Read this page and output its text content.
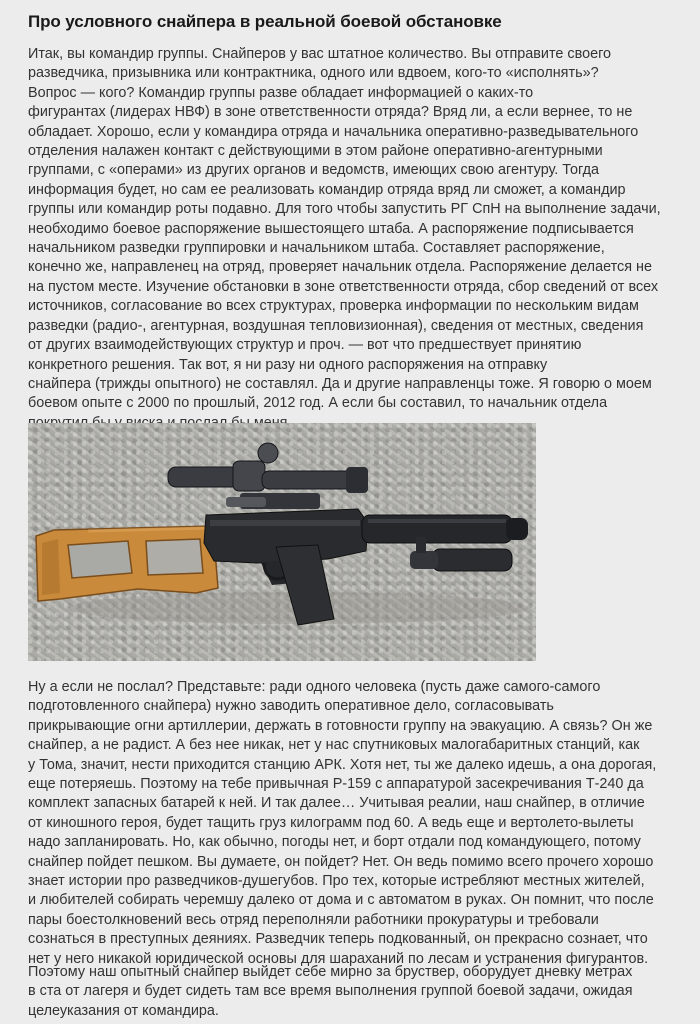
Про условного снайпера в реальной боевой обстановке

Итак, вы командир группы. Снайперов у вас штатное количество. Вы отправите своего
разведчика, призывника или контрактника, одного или вдвоем, кого-то «исполнять»?
Вопрос — кого? Командир группы разве обладает информацией о каких-то
фигурантах (лидерах НВФ) в зоне ответственности отряда? Вряд ли, а если вернее, то не
обладает. Хорошо, если у командира отряда и начальника оперативно-разведывательного
отделения налажен контакт с действующими в этом районе оперативно-агентурными
группами, с «операми» из других органов и ведомств, имеющих свою агентуру. Тогда
информация будет, но сам ее реализовать командир отряда вряд ли сможет, а командир
группы или командир роты подавно. Для того чтобы запустить РГ СпН на выполнение задачи,
необходимо боевое распоряжение вышестоящего штаба. А распоряжение подписывается
начальником разведки группировки и начальником штаба. Составляет распоряжение,
конечно же, направленец на отряд, проверяет начальник отдела. Распоряжение делается не
на пустом месте. Изучение обстановки в зоне ответственности отряда, сбор сведений от всех
источников, согласование во всех структурах, проверка информации по нескольким видам
разведки (радио-, агентурная, воздушная тепловизионная), сведения от местных, сведения
от других взаимодействующих структур и проч. — вот что предшествует принятию
конкретного решения. Так вот, я ни разу ни одного распоряжения на отправку
снайпера (трижды опытного) не составлял. Да и другие направленцы тоже. Я говорю о моем
боевом опыте с 2000 по прошлый, 2012 год. А если бы составил, то начальник отдела

Ну а если не послал? Представьте: ради одного человека (пусть даже самого-самого
подготовленного снайпера) нужно заводить оперативное дело, согласовывать
прикрывающие огни артиллерии, держать в готовности группу на эвакуацию. А связь? Он же
снайпер, а не радист. А без нее никак, нет у нас спутниковых малогабаритных станций, как
у Тома, значит, нести приходится станцию АРК. Хотя нет, ты же далеко идешь, а она дорогая,
еще потеряешь. Поэтому на тебе привычная Р-159 с аппаратурой засекречивания Т-240 да
комплект запасных батарей к ней. И так далее… Учитывая реалии, наш снайпер, в отличие
от киношного героя, будет тащить груз килограмм под 60. А ведь еще и вертолето-вылеты
надо запланировать. Но, как обычно, погоды нет, и борт отдали под командующего, потому
снайпер пойдет пешком. Вы думаете, он пойдет? Нет. Он ведь помимо всего прочего хорошо
знает истории про разведчиков-душегубов. Про тех, которые истребляют местных жителей,
и любителей собирать черемшу далеко от дома и с автоматом в руках. Он помнит, что после
пары боестолкновений весь отряд переполняли работники прокуратуры и требовали
сознаться в преступных деяниях. Разведчик теперь подкованный, он прекрасно сознает, что
нет у него никакой юридической основы для шараханий по лесам и устранения фигурантов.

Поэтому наш опытный снайпер выйдет себе мирно за бруствер, оборудует дневку метрах
в ста от лагеря и будет сидеть там все время выполнения группой боевой задачи, ожидая
целеуказания от командира.
